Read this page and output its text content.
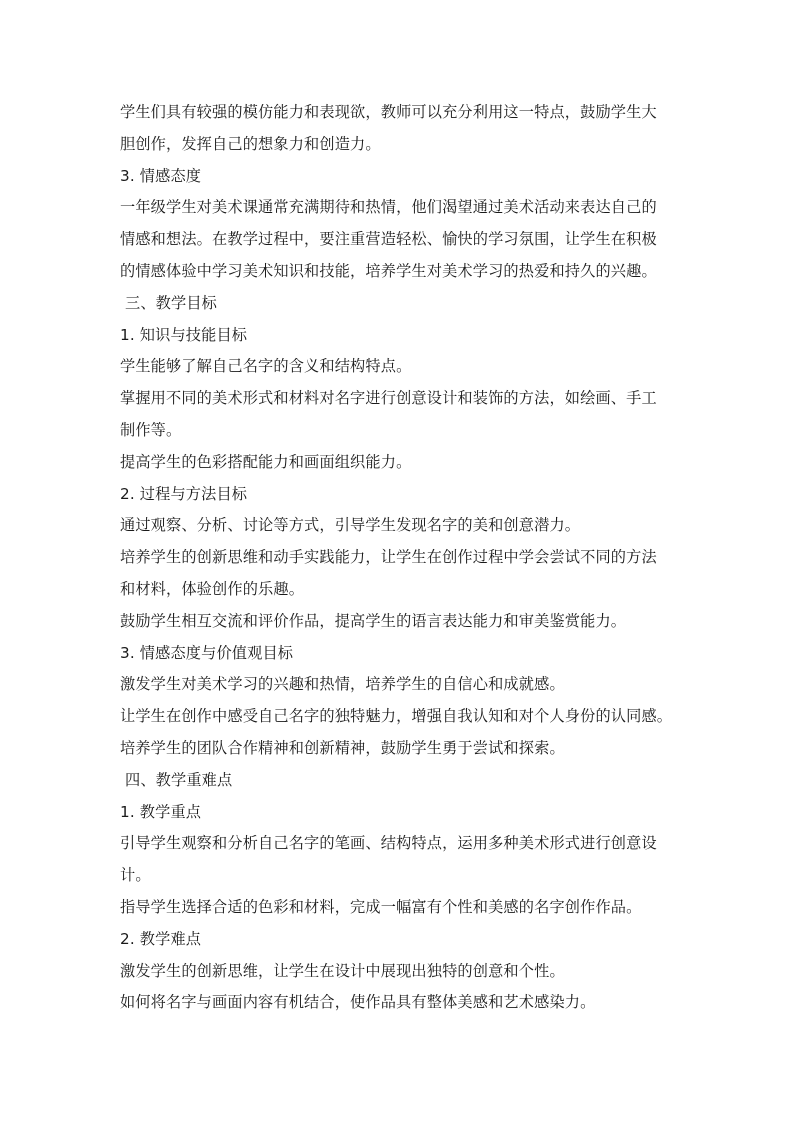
学生们具有较强的模仿能力和表现欲，教师可以充分利用这一特点，鼓励学生大
胆创作，发挥自己的想象力和创造力。
3. 情感态度
一年级学生对美术课通常充满期待和热情，他们渴望通过美术活动来表达自己的
情感和想法。在教学过程中，要注重营造轻松、愉快的学习氛围，让学生在积极
的情感体验中学习美术知识和技能，培养学生对美术学习的热爱和持久的兴趣。
三、教学目标
1. 知识与技能目标
学生能够了解自己名字的含义和结构特点。
掌握用不同的美术形式和材料对名字进行创意设计和装饰的方法，如绘画、手工
制作等。
提高学生的色彩搭配能力和画面组织能力。
2. 过程与方法目标
通过观察、分析、讨论等方式，引导学生发现名字的美和创意潜力。
培养学生的创新思维和动手实践能力，让学生在创作过程中学会尝试不同的方法
和材料，体验创作的乐趣。
鼓励学生相互交流和评价作品，提高学生的语言表达能力和审美鉴赏能力。
3. 情感态度与价值观目标
激发学生对美术学习的兴趣和热情，培养学生的自信心和成就感。
让学生在创作中感受自己名字的独特魅力，增强自我认知和对个人身份的认同感。
培养学生的团队合作精神和创新精神，鼓励学生勇于尝试和探索。
四、教学重难点
1. 教学重点
引导学生观察和分析自己名字的笔画、结构特点，运用多种美术形式进行创意设
计。
指导学生选择合适的色彩和材料，完成一幅富有个性和美感的名字创作作品。
2. 教学难点
激发学生的创新思维，让学生在设计中展现出独特的创意和个性。
如何将名字与画面内容有机结合，使作品具有整体美感和艺术感染力。
